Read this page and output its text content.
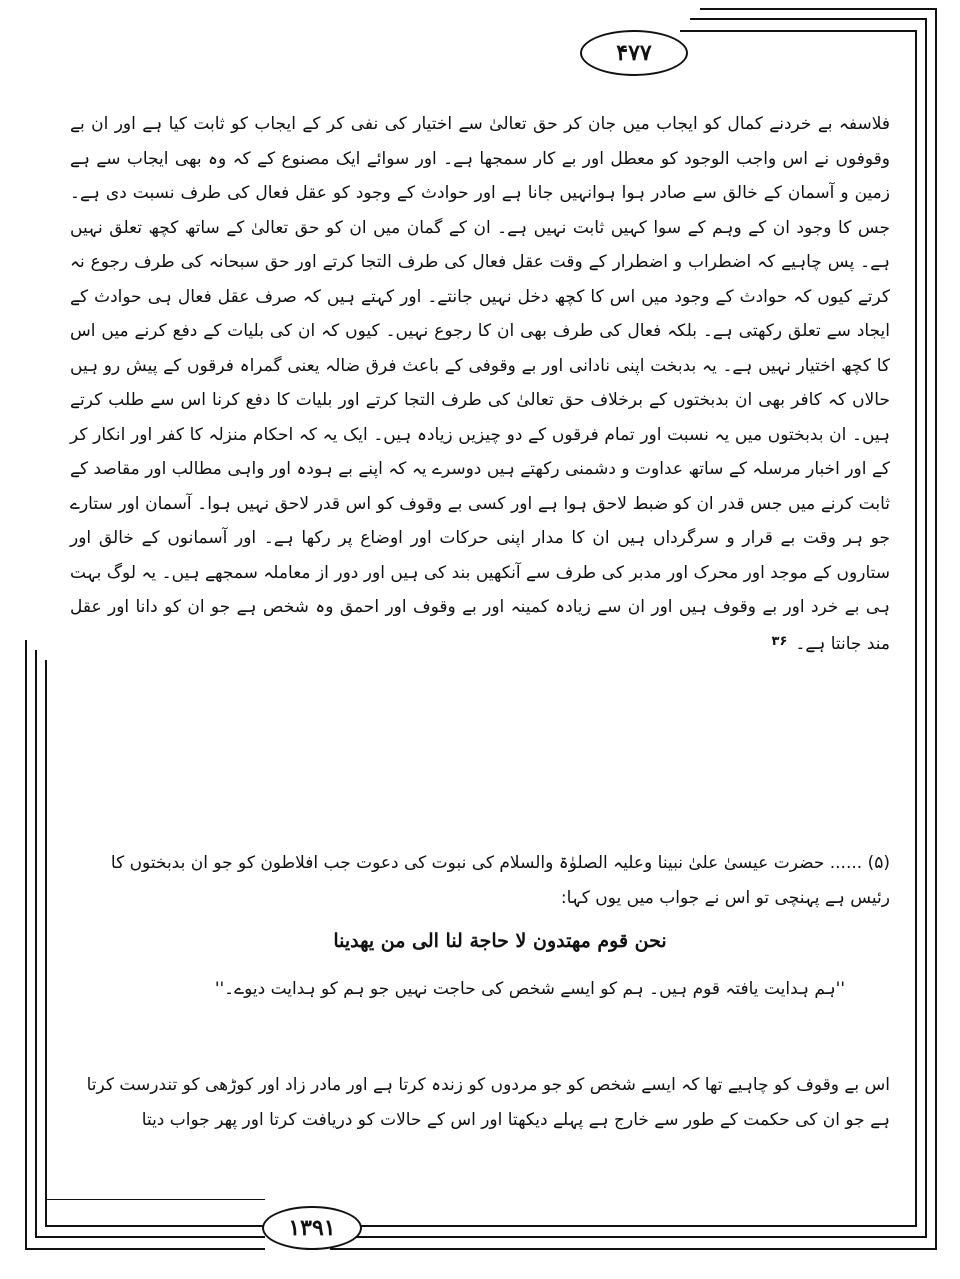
۴۷۷
فلاسفہ بے خردنے کمال کو ایجاب میں جان کر حق تعالیٰ سے اختیار کی نفی کر کے ایجاب کو ثابت کیا ہے اور ان بے وقوفوں نے اس واجب الوجود کو معطل اور بے کار سمجھا ہے۔ اور سوائے ایک مصنوع کے کہ وہ بھی ایجاب سے ہے زمین و آسمان کے خالق سے صادر ہوا ہوانہیں جانا ہے اور حوادث کے وجود کو عقل فعال کی طرف نسبت دی ہے۔ جس کا وجود ان کے وہم کے سوا کہیں ثابت نہیں ہے۔ ان کے گمان میں ان کو حق تعالیٰ کے ساتھ کچھ تعلق نہیں ہے۔ پس چاہیے کہ اضطراب و اضطرار کے وقت عقل فعال کی طرف التجا کرتے اور حق سبحانہ کی طرف رجوع نہ کرتے کیوں کہ حوادث کے وجود میں اس کا کچھ دخل نہیں جانتے۔ اور کہتے ہیں کہ صرف عقل فعال ہی حوادث کے ایجاد سے تعلق رکھتی ہے۔ بلکہ فعال کی طرف بھی ان کا رجوع نہیں۔ کیوں کہ ان کی بلیات کے دفع کرنے میں اس کا کچھ اختیار نہیں ہے۔ یہ بدبخت اپنی نادانی اور بے وقوفی کے باعث فرق ضالہ یعنی گمراہ فرقوں کے پیش رو ہیں حالاں کہ کافر بھی ان بدبختوں کے برخلاف حق تعالیٰ کی طرف التجا کرتے اور بلیات کا دفع کرنا اس سے طلب کرتے ہیں۔ ان بدبختوں میں یہ نسبت اور تمام فرقوں کے دو چیزیں زیادہ ہیں۔ ایک یہ کہ احکام منزلہ کا کفر اور انکار کر کے اور اخبار مرسلہ کے ساتھ عداوت و دشمنی رکھتے ہیں دوسرے یہ کہ اپنے بے ہودہ اور واہی مطالب اور مقاصد کے ثابت کرنے میں جس قدر ان کو ضبط لاحق ہوا ہے اور کسی بے وقوف کو اس قدر لاحق نہیں ہوا۔ آسمان اور ستارے جو ہر وقت بے قرار و سرگرداں ہیں ان کا مدار اپنی حرکات اور اوضاع پر رکھا ہے۔ اور آسمانوں کے خالق اور ستاروں کے موجد اور محرک اور مدبر کی طرف سے آنکھیں بند کی ہیں اور دور از معاملہ سمجھے ہیں۔ یہ لوگ بہت ہی بے خرد اور بے وقوف ہیں اور ان سے زیادہ کمینہ اور بے وقوف اور احمق وہ شخص ہے جو ان کو دانا اور عقل مند جانتا ہے۔$^{۳۶}$
(۵) ...... حضرت عیسیٰ علیٰ نبینا وعلیہ الصلوٰۃ والسلام کی نبوت کی دعوت جب افلاطون کو جو ان بدبختوں کا رئیس ہے پہنچی تو اس نے جواب میں یوں کہا:
نحن قوم مهتدون لا حاجة لنا الى من يهدينا
''ہم ہدایت یافتہ قوم ہیں۔ ہم کو ایسے شخص کی حاجت نہیں جو ہم کو ہدایت دیوے۔''
اس بے وقوف کو چاہیے تھا کہ ایسے شخص کو جو مردوں کو زندہ کرتا ہے اور مادر زاد اور کوڑھی کو تندرست کرتا ہے جو ان کی حکمت کے طور سے خارج ہے پہلے دیکھتا اور اس کے حالات کو دریافت کرتا اور پھر جواب دیتا
۱۳۹۱
